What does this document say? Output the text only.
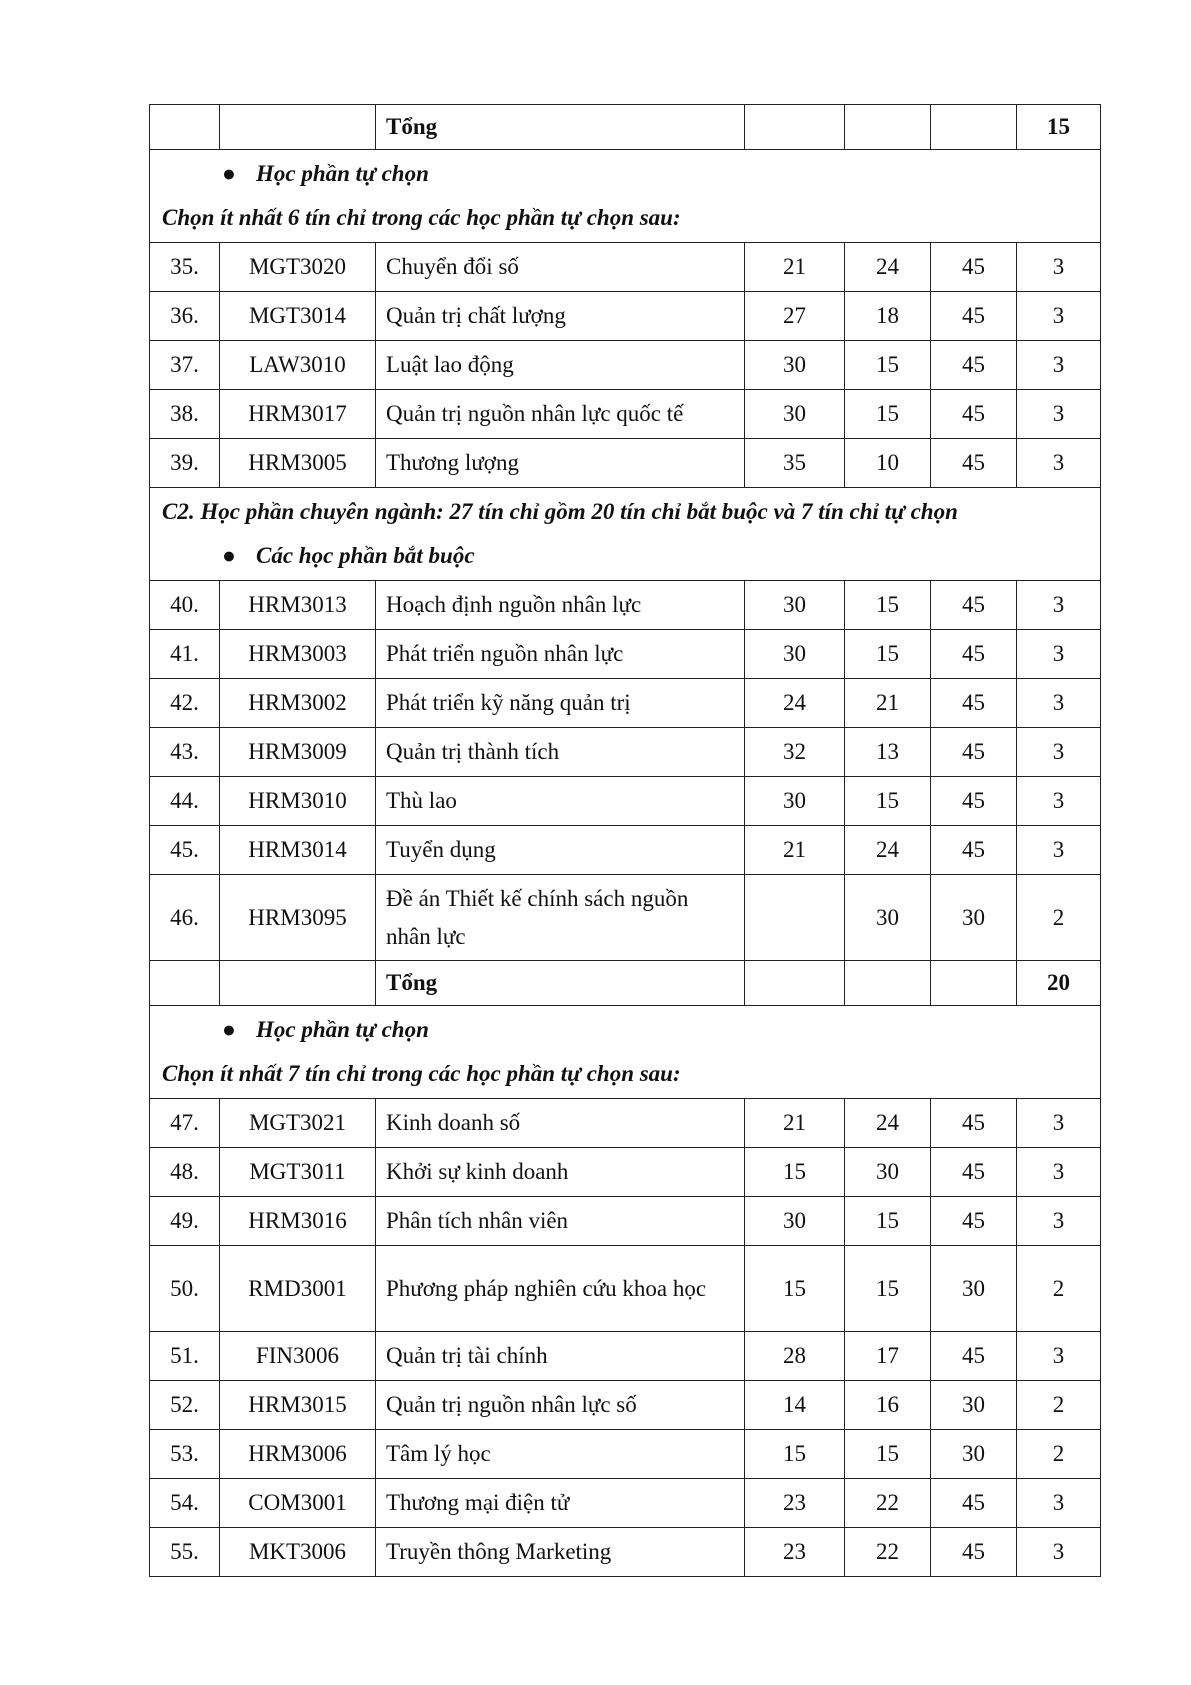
		Tổng				15

● Học phần tự chọn
Chọn ít nhất 6 tín chỉ trong các học phần tự chọn sau:						

35.	MGT3020	Chuyển đổi số	21	24	45	3
36.	MGT3014	Quản trị chất lượng	27	18	45	3
37.	LAW3010	Luật lao động	30	15	45	3
38.	HRM3017	Quản trị nguồn nhân lực quốc tế	30	15	45	3
39.	HRM3005	Thương lượng	35	10	45	3

C2. Học phần chuyên ngành: 27 tín chỉ gồm 20 tín chỉ bắt buộc và 7 tín chỉ tự chọn
● Các học phần bắt buộc						

40.	HRM3013	Hoạch định nguồn nhân lực	30	15	45	3
41.	HRM3003	Phát triển nguồn nhân lực	30	15	45	3
42.	HRM3002	Phát triển kỹ năng quản trị	24	21	45	3
43.	HRM3009	Quản trị thành tích	32	13	45	3
44.	HRM3010	Thù lao	30	15	45	3
45.	HRM3014	Tuyển dụng	21	24	45	3
46.	HRM3095	Đề án Thiết kế chính sách nguồn nhân lực		30	30	2
		Tổng				20

● Học phần tự chọn
Chọn ít nhất 7 tín chỉ trong các học phần tự chọn sau:						

47.	MGT3021	Kinh doanh số	21	24	45	3
48.	MGT3011	Khởi sự kinh doanh	15	30	45	3
49.	HRM3016	Phân tích nhân viên	30	15	45	3
50.	RMD3001	Phương pháp nghiên cứu khoa học	15	15	30	2
51.	FIN3006	Quản trị tài chính	28	17	45	3
52.	HRM3015	Quản trị nguồn nhân lực số	14	16	30	2
53.	HRM3006	Tâm lý học	15	15	30	2
54.	COM3001	Thương mại điện tử	23	22	45	3
55.	MKT3006	Truyền thông Marketing	23	22	45	3
